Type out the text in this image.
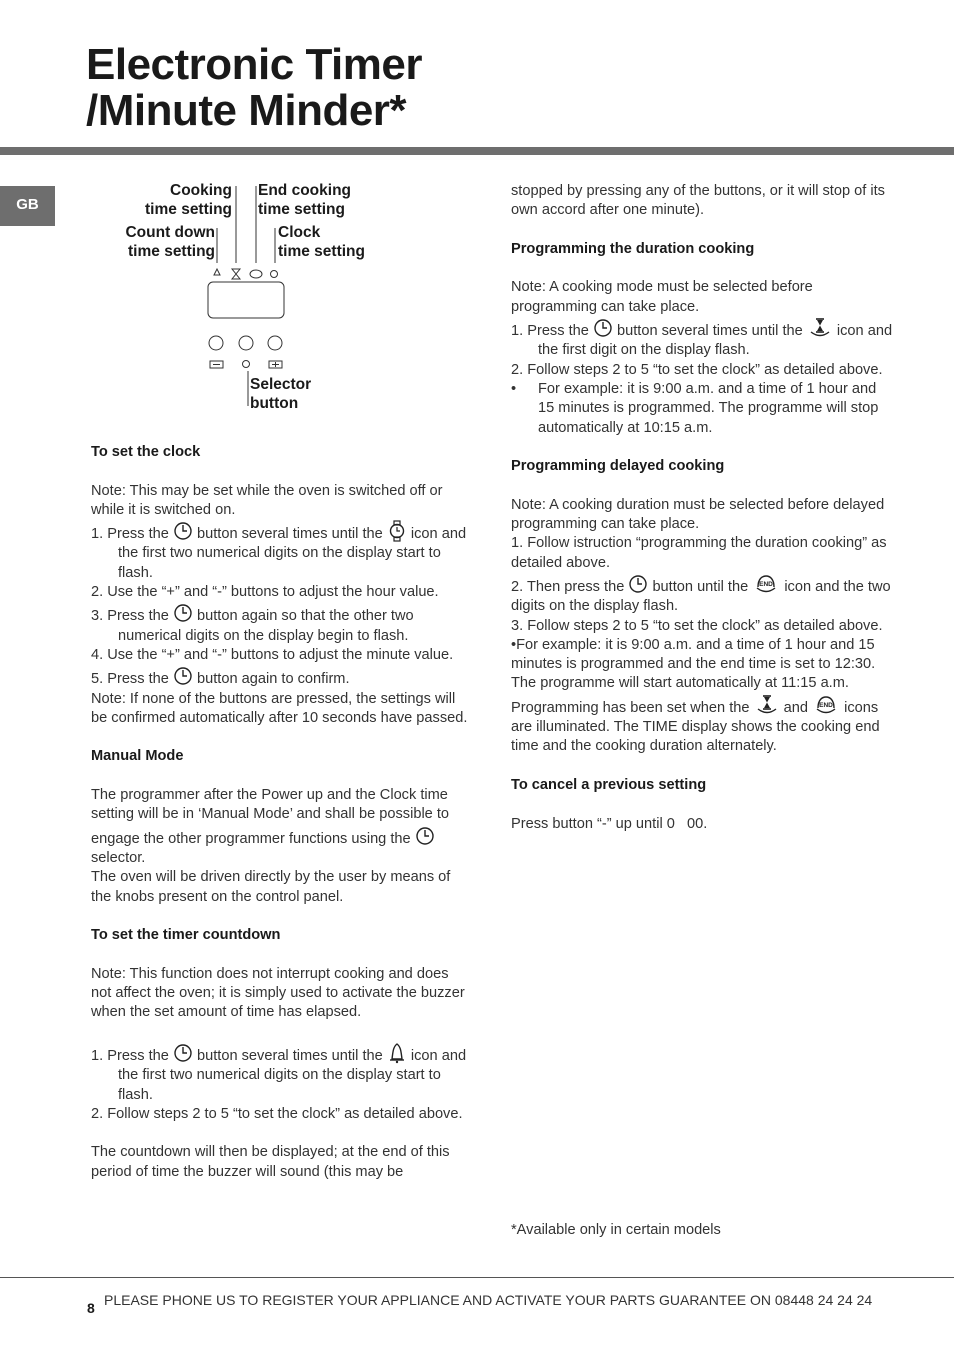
Electronic Timer
/Minute Minder*
GB
Cooking
time setting
End cooking
time setting
Count down
time setting
Clock
time setting
Selector
button
To set the clock

Note: This may be set while the oven is switched off or while it is switched on.

1. Press the button several times until the icon and the first two numerical digits on the display start to flash.

2. Use the “+” and “-” buttons to adjust the hour value.

3. Press the button again so that the other two numerical digits on the display begin to flash.

4. Use the “+” and “-” buttons to adjust the minute value.

5. Press the button again to confirm.

Note: If none of the buttons are pressed, the settings will be confirmed automatically after 10 seconds have passed.

Manual Mode

The programmer after the Power up and the Clock time setting will be in ‘Manual Mode’ and shall be possible to engage the other programmer functions using the
selector.

The oven will be driven directly by the user by means of the knobs present on the control panel.

To set the timer countdown

Note: This function does not interrupt cooking and does not affect the oven; it is simply used to activate the buzzer when the set amount of time has elapsed.

1. Press the button several times until the icon and the first two numerical digits on the display start to flash.

2. Follow steps 2 to 5 “to set the clock” as detailed above.

The countdown will then be displayed; at the end of this period of time the buzzer will sound (this may be

stopped by pressing any of the buttons, or it will stop of its own accord after one minute).

Programming the duration cooking

Note: A cooking mode must be selected before programming can take place.

1. Press the button several times until the icon and the first digit on the display flash.

2. Follow steps 2 to 5 “to set the clock” as detailed above.

• For example: it is 9:00 a.m. and a time of 1 hour and 15 minutes is programmed. The programme will stop automatically at 10:15 a.m.

Programming delayed cooking

Note: A cooking duration must be selected before delayed programming can take place.

1. Follow istruction “programming the duration cooking” as detailed above.

2. Then press the button until the icon and the two digits on the display flash.

3. Follow steps 2 to 5 “to set the clock” as detailed above.

•For example: it is 9:00 a.m. and a time of 1 hour and 15 minutes is programmed and the end time is set to 12:30. The programme will start automatically at 11:15 a.m.

Programming has been set when the and icons are illuminated. The TIME display shows the cooking end time and the cooking duration alternately.

To cancel a previous setting

Press button “-” up until 0   00.

*Available only in certain models
8 PLEASE PHONE US TO REGISTER YOUR APPLIANCE AND ACTIVATE YOUR PARTS GUARANTEE ON 08448 24 24 24
